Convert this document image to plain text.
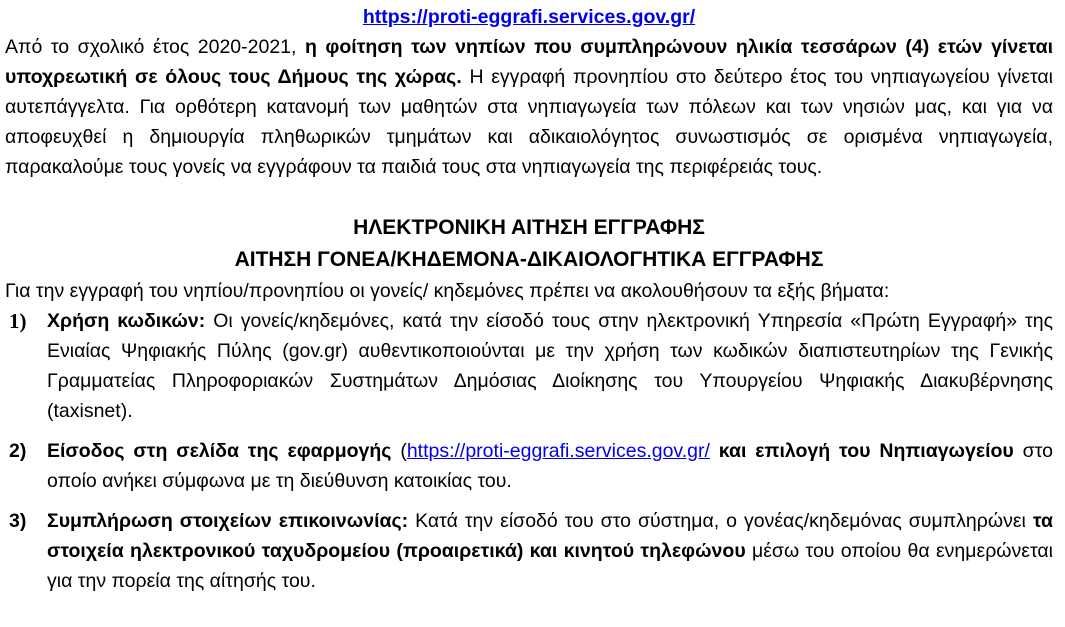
https://proti-eggrafi.services.gov.gr/

Από το σχολικό έτος 2020-2021, η φοίτηση των νηπίων που συμπληρώνουν ηλικία τεσσάρων (4) ετών γίνεται υποχρεωτική σε όλους τους Δήμους της χώρας. Η εγγραφή προνηπίου στο δεύτερο έτος του νηπιαγωγείου γίνεται αυτεπάγγελτα. Για ορθότερη κατανομή των μαθητών στα νηπιαγωγεία των πόλεων και των νησιών μας, και για να αποφευχθεί η δημιουργία πληθωρικών τμημάτων και αδικαιολόγητος συνωστισμός σε ορισμένα νηπιαγωγεία, παρακαλούμε τους γονείς να εγγράφουν τα παιδιά τους στα νηπιαγωγεία της περιφέρειάς τους.

ΗΛΕΚΤΡΟΝΙΚΗ ΑΙΤΗΣΗ ΕΓΓΡΑΦΗΣ

ΑΙΤΗΣΗ ΓΟΝΕΑ/ΚΗΔΕΜΟΝΑ-ΔΙΚΑΙΟΛΟΓΗΤΙΚΑ ΕΓΓΡΑΦΗΣ

Για την εγγραφή του νηπίου/προνηπίου οι γονείς/ κηδεμόνες πρέπει να ακολουθήσουν τα εξής βήματα:

1) Χρήση κωδικών: Οι γονείς/κηδεμόνες, κατά την είσοδό τους στην ηλεκτρονική Υπηρεσία «Πρώτη Εγγραφή» της Ενιαίας Ψηφιακής Πύλης (gov.gr) αυθεντικοποιούνται με την χρήση των κωδικών διαπιστευτηρίων της Γενικής Γραμματείας Πληροφοριακών Συστημάτων Δημόσιας Διοίκησης του Υπουργείου Ψηφιακής Διακυβέρνησης (taxisnet).
2) Είσοδος στη σελίδα της εφαρμογής (https://proti-eggrafi.services.gov.gr/ και επιλογή του Νηπιαγωγείου στο οποίο ανήκει σύμφωνα με τη διεύθυνση κατοικίας του.
3) Συμπλήρωση στοιχείων επικοινωνίας: Κατά την είσοδό του στο σύστημα, ο γονέας/κηδεμόνας συμπληρώνει τα στοιχεία ηλεκτρονικού ταχυδρομείου (προαιρετικά) και κινητού τηλεφώνου μέσω του οποίου θα ενημερώνεται για την πορεία της αίτησής του.
